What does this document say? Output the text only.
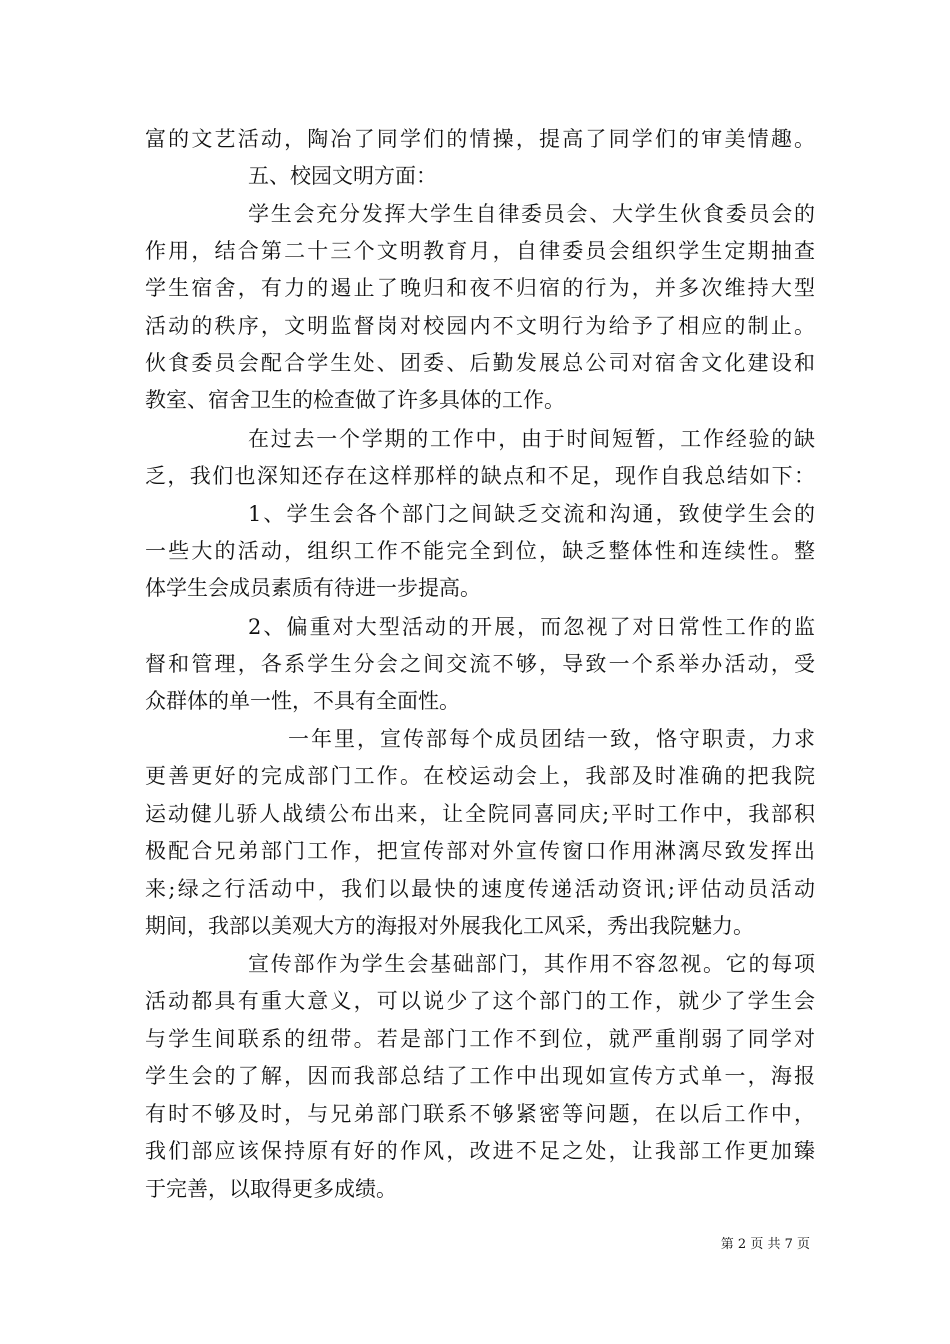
富的文艺活动，陶冶了同学们的情操，提高了同学们的审美情趣。
五、校园文明方面：
学生会充分发挥大学生自律委员会、大学生伙食委员会的
作用，结合第二十三个文明教育月，自律委员会组织学生定期抽查
学生宿舍，有力的遏止了晚归和夜不归宿的行为，并多次维持大型
活动的秩序，文明监督岗对校园内不文明行为给予了相应的制止。
伙食委员会配合学生处、团委、后勤发展总公司对宿舍文化建设和
教室、宿舍卫生的检查做了许多具体的工作。
在过去一个学期的工作中，由于时间短暂，工作经验的缺
乏，我们也深知还存在这样那样的缺点和不足，现作自我总结如下：
1、学生会各个部门之间缺乏交流和沟通，致使学生会的
一些大的活动，组织工作不能完全到位，缺乏整体性和连续性。整
体学生会成员素质有待进一步提高。
2、偏重对大型活动的开展，而忽视了对日常性工作的监
督和管理，各系学生分会之间交流不够，导致一个系举办活动，受
众群体的单一性，不具有全面性。
一年里，宣传部每个成员团结一致，恪守职责，力求
更善更好的完成部门工作。在校运动会上，我部及时准确的把我院
运动健儿骄人战绩公布出来，让全院同喜同庆;平时工作中，我部积
极配合兄弟部门工作，把宣传部对外宣传窗口作用淋漓尽致发挥出
来;绿之行活动中，我们以最快的速度传递活动资讯;评估动员活动
期间，我部以美观大方的海报对外展我化工风采，秀出我院魅力。
宣传部作为学生会基础部门，其作用不容忽视。它的每项
活动都具有重大意义，可以说少了这个部门的工作，就少了学生会
与学生间联系的纽带。若是部门工作不到位，就严重削弱了同学对
学生会的了解，因而我部总结了工作中出现如宣传方式单一，海报
有时不够及时，与兄弟部门联系不够紧密等问题，在以后工作中，
我们部应该保持原有好的作风，改进不足之处，让我部工作更加臻
于完善，以取得更多成绩。
第 2 页 共 7 页
